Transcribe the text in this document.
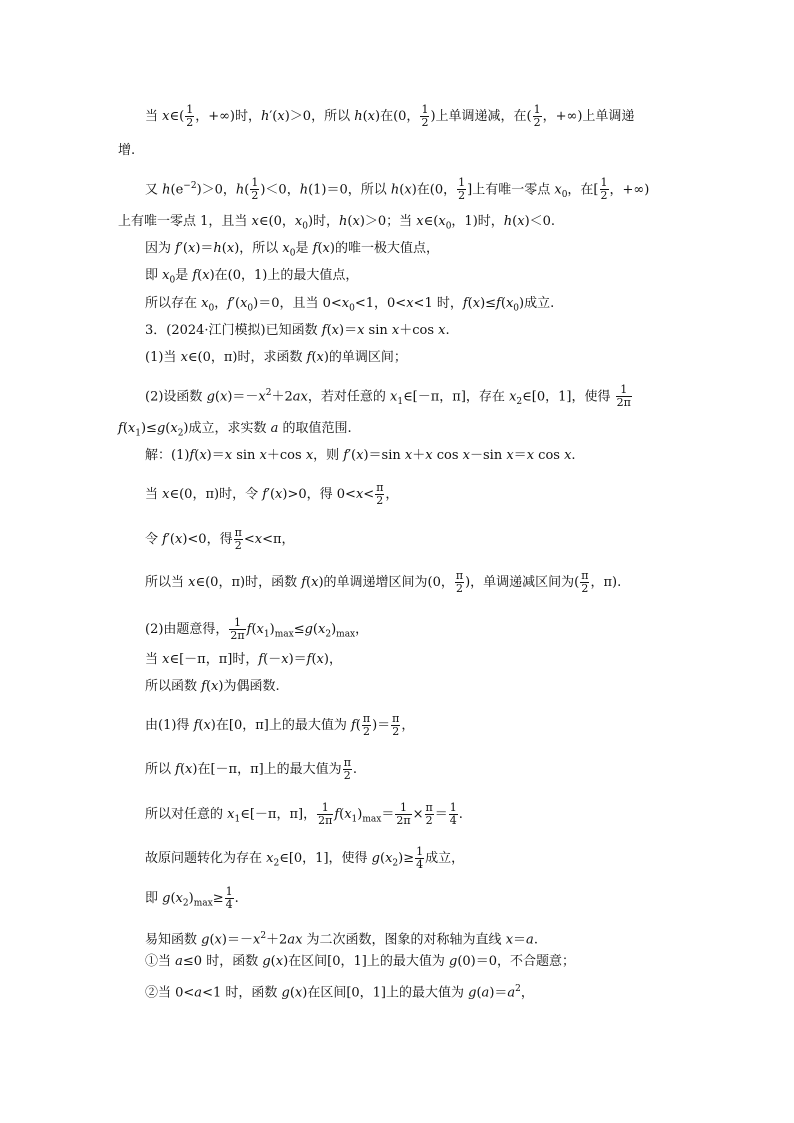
当 x∈( $\frac{1}{2}$ ，+∞)时，h′(x)＞0，所以 h(x)在(0， $\frac{1}{2}$ )上单调递减，在( $\frac{1}{2}$ ，+∞)上单调递
增.
又 $h(e^{-2})>0$，$h( \frac{1}{2} )<0$，h(1)＝0，所以 h(x)在(0， $\frac{1}{2}$ ]上有唯一零点 $x_0$，在[ $\frac{1}{2}$ ，+∞)
上有唯一零点 1，且当 x∈(0，$x_0$)时，h(x)＞0；当 $x\in(x_0$，1)时，h(x)＜0.
因为 f′(x)＝h(x)，所以 $x_0$是 f(x)的唯一极大值点，
即 $x_0$是 f(x)在(0，1)上的最大值点，
所以存在 $x_0$，$f'(x_0)=0$，且当 $0<x_0<1$，0<x<1 时，$f(x)\le f(x_0)$成立.
3．(2024·江门模拟)已知函数 f(x)＝x sin x＋cos x.
(1)当 x∈(0，π)时，求函数 f(x)的单调区间；
(2)设函数 $g(x)=-x^2+2ax$，若对任意的 $x_1\in[-\pi$，π]，存在 $x_2\in[0$，1]，使得 $\frac{1}{2\pi}$
$f(x_1)\le g(x_2)$成立，求实数 a 的取值范围.
解：(1)f(x)＝x sin x＋cos x，则 f′(x)＝sin x＋x cos x－sin x＝x cos x.
当 x∈(0，π)时，令 f′(x)>0，得 $0<x< \frac{\pi}{2}$ ，
令 f′(x)<0，得 $\frac{\pi}{2} <x<\pi$，
所以当 x∈(0，π)时，函数 f(x)的单调递增区间为(0， $\frac{\pi}{2}$ )，单调递减区间为( $\frac{\pi}{2}$ ，π).
(2)由题意得， $\frac{1}{2\pi} f(x_1)_{max}\le g(x_2)_{max}$，
当 x∈[－π，π]时，f(－x)＝f(x)，
所以函数 f(x)为偶函数.
由(1)得 f(x)在[0，π]上的最大值为 $f( \frac{\pi}{2}$ )＝ $\frac{\pi}{2}$ ，
所以 f(x)在[－π，π]上的最大值为 $\frac{\pi}{2}$ .
所以对任意的 $x_1\in[-\pi$，π]， $\frac{1}{2\pi} f(x_1)_{max}= \frac{1}{2\pi} \times \frac{\pi}{2} = \frac{1}{4}$ .
故原问题转化为存在 $x_2\in[0$，1]，使得 $g(x_2)\ge \frac{1}{4}$ 成立，
即 $g(x_2)_{max}\ge \frac{1}{4}$ .
易知函数 $g(x)=-x^2+2ax$ 为二次函数，图象的对称轴为直线 x＝a.
①当 a≤0 时，函数 g(x)在区间[0，1]上的最大值为 g(0)＝0，不合题意；
②当 0<a<1 时，函数 g(x)在区间[0，1]上的最大值为 $g(a)=a^2$，
